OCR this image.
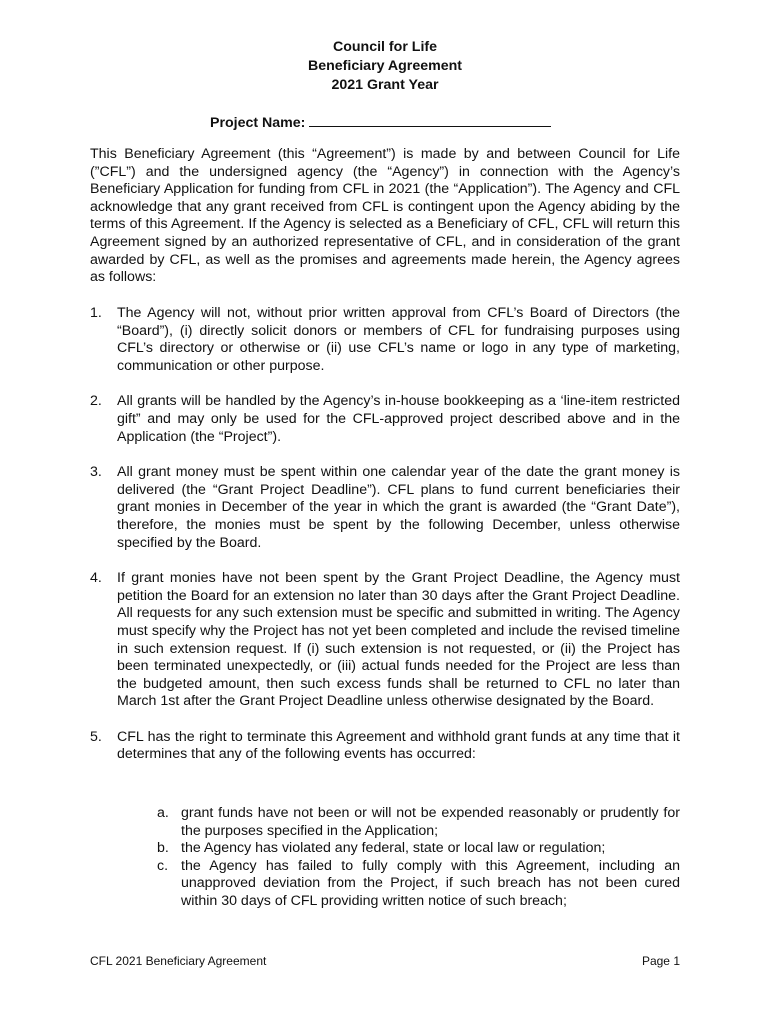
Council for Life
Beneficiary Agreement
2021 Grant Year
Project Name:
This Beneficiary Agreement (this “Agreement”) is made by and between Council for Life (”CFL”) and the undersigned agency (the “Agency”) in connection with the Agency’s Beneficiary Application for funding from CFL in 2021 (the “Application”). The Agency and CFL acknowledge that any grant received from CFL is contingent upon the Agency abiding by the terms of this Agreement. If the Agency is selected as a Beneficiary of CFL, CFL will return this Agreement signed by an authorized representative of CFL, and in consideration of the grant awarded by CFL, as well as the promises and agreements made herein, the Agency agrees as follows:
1. The Agency will not, without prior written approval from CFL’s Board of Directors (the “Board”), (i) directly solicit donors or members of CFL for fundraising purposes using CFL’s directory or otherwise or (ii) use CFL’s name or logo in any type of marketing, communication or other purpose.
2. All grants will be handled by the Agency’s in-house bookkeeping as a ‘line-item restricted gift” and may only be used for the CFL-approved project described above and in the Application (the “Project”).
3. All grant money must be spent within one calendar year of the date the grant money is delivered (the “Grant Project Deadline”). CFL plans to fund current beneficiaries their grant monies in December of the year in which the grant is awarded (the “Grant Date”), therefore, the monies must be spent by the following December, unless otherwise specified by the Board.
4. If grant monies have not been spent by the Grant Project Deadline, the Agency must petition the Board for an extension no later than 30 days after the Grant Project Deadline. All requests for any such extension must be specific and submitted in writing. The Agency must specify why the Project has not yet been completed and include the revised timeline in such extension request. If (i) such extension is not requested, or (ii) the Project has been terminated unexpectedly, or (iii) actual funds needed for the Project are less than the budgeted amount, then such excess funds shall be returned to CFL no later than March 1st after the Grant Project Deadline unless otherwise designated by the Board.
5. CFL has the right to terminate this Agreement and withhold grant funds at any time that it determines that any of the following events has occurred:
a. grant funds have not been or will not be expended reasonably or prudently for the purposes specified in the Application;
b. the Agency has violated any federal, state or local law or regulation;
c. the Agency has failed to fully comply with this Agreement, including an unapproved deviation from the Project, if such breach has not been cured within 30 days of CFL providing written notice of such breach;
CFL 2021 Beneficiary Agreement	Page 1
